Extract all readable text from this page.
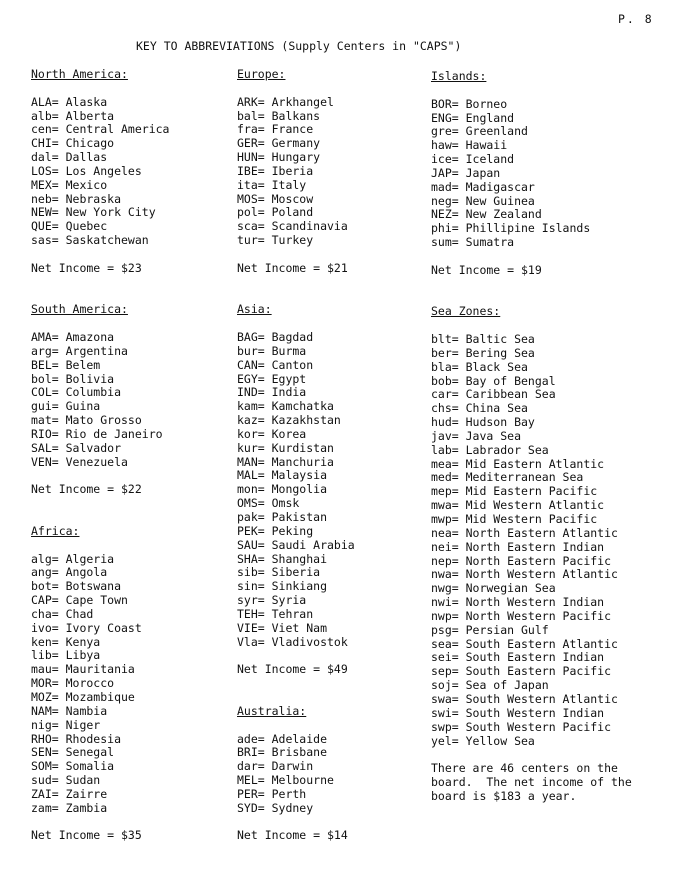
P. 8
KEY TO ABBREVIATIONS (Supply Centers in "CAPS")
North America:
ALA= Alaska
alb= Alberta
cen= Central America
CHI= Chicago
dal= Dallas
LOS= Los Angeles
MEX= Mexico
neb= Nebraska
NEW= New York City
QUE= Quebec
sas= Saskatchewan
Net Income = $23
South America:
AMA= Amazona
arg= Argentina
BEL= Belem
bol= Bolivia
COL= Columbia
gui= Guina
mat= Mato Grosso
RIO= Rio de Janeiro
SAL= Salvador
VEN= Venezuela
Net Income = $22
Africa:
alg= Algeria
ang= Angola
bot= Botswana
CAP= Cape Town
cha= Chad
ivo= Ivory Coast
ken= Kenya
lib= Libya
mau= Mauritania
MOR= Morocco
MOZ= Mozambique
NAM= Nambia
nig= Niger
RHO= Rhodesia
SEN= Senegal
SOM= Somalia
sud= Sudan
ZAI= Zairre
zam= Zambia
Net Income = $35
Europe:
ARK= Arkhangel
bal= Balkans
fra= France
GER= Germany
HUN= Hungary
IBE= Iberia
ita= Italy
MOS= Moscow
pol= Poland
sca= Scandinavia
tur= Turkey
Net Income = $21
Asia:
BAG= Bagdad
bur= Burma
CAN= Canton
EGY= Egypt
IND= India
kam= Kamchatka
kaz= Kazakhstan
kor= Korea
kur= Kurdistan
MAN= Manchuria
MAL= Malaysia
mon= Mongolia
OMS= Omsk
pak= Pakistan
PEK= Peking
SAU= Saudi Arabia
SHA= Shanghai
sib= Siberia
sin= Sinkiang
syr= Syria
TEH= Tehran
VIE= Viet Nam
Vla= Vladivostok
Net Income = $49
Australia:
ade= Adelaide
BRI= Brisbane
dar= Darwin
MEL= Melbourne
PER= Perth
SYD= Sydney
Net Income = $14
Islands:
BOR= Borneo
ENG= England
gre= Greenland
haw= Hawaii
ice= Iceland
JAP= Japan
mad= Madigascar
neg= New Guinea
NEZ= New Zealand
phi= Phillipine Islands
sum= Sumatra
Net Income = $19
Sea Zones:
blt= Baltic Sea
ber= Bering Sea
bla= Black Sea
bob= Bay of Bengal
car= Caribbean Sea
chs= China Sea
hud= Hudson Bay
jav= Java Sea
lab= Labrador Sea
mea= Mid Eastern Atlantic
med= Mediterranean Sea
mep= Mid Eastern Pacific
mwa= Mid Western Atlantic
mwp= Mid Western Pacific
nea= North Eastern Atlantic
nei= North Eastern Indian
nep= North Eastern Pacific
nwa= North Western Atlantic
nwg= Norwegian Sea
nwi= North Western Indian
nwp= North Western Pacific
psg= Persian Gulf
sea= South Eastern Atlantic
sei= South Eastern Indian
sep= South Eastern Pacific
soj= Sea of Japan
swa= South Western Atlantic
swi= South Western Indian
swp= South Western Pacific
yel= Yellow Sea
There are 46 centers on the
board.  The net income of the
board is $183 a year.
